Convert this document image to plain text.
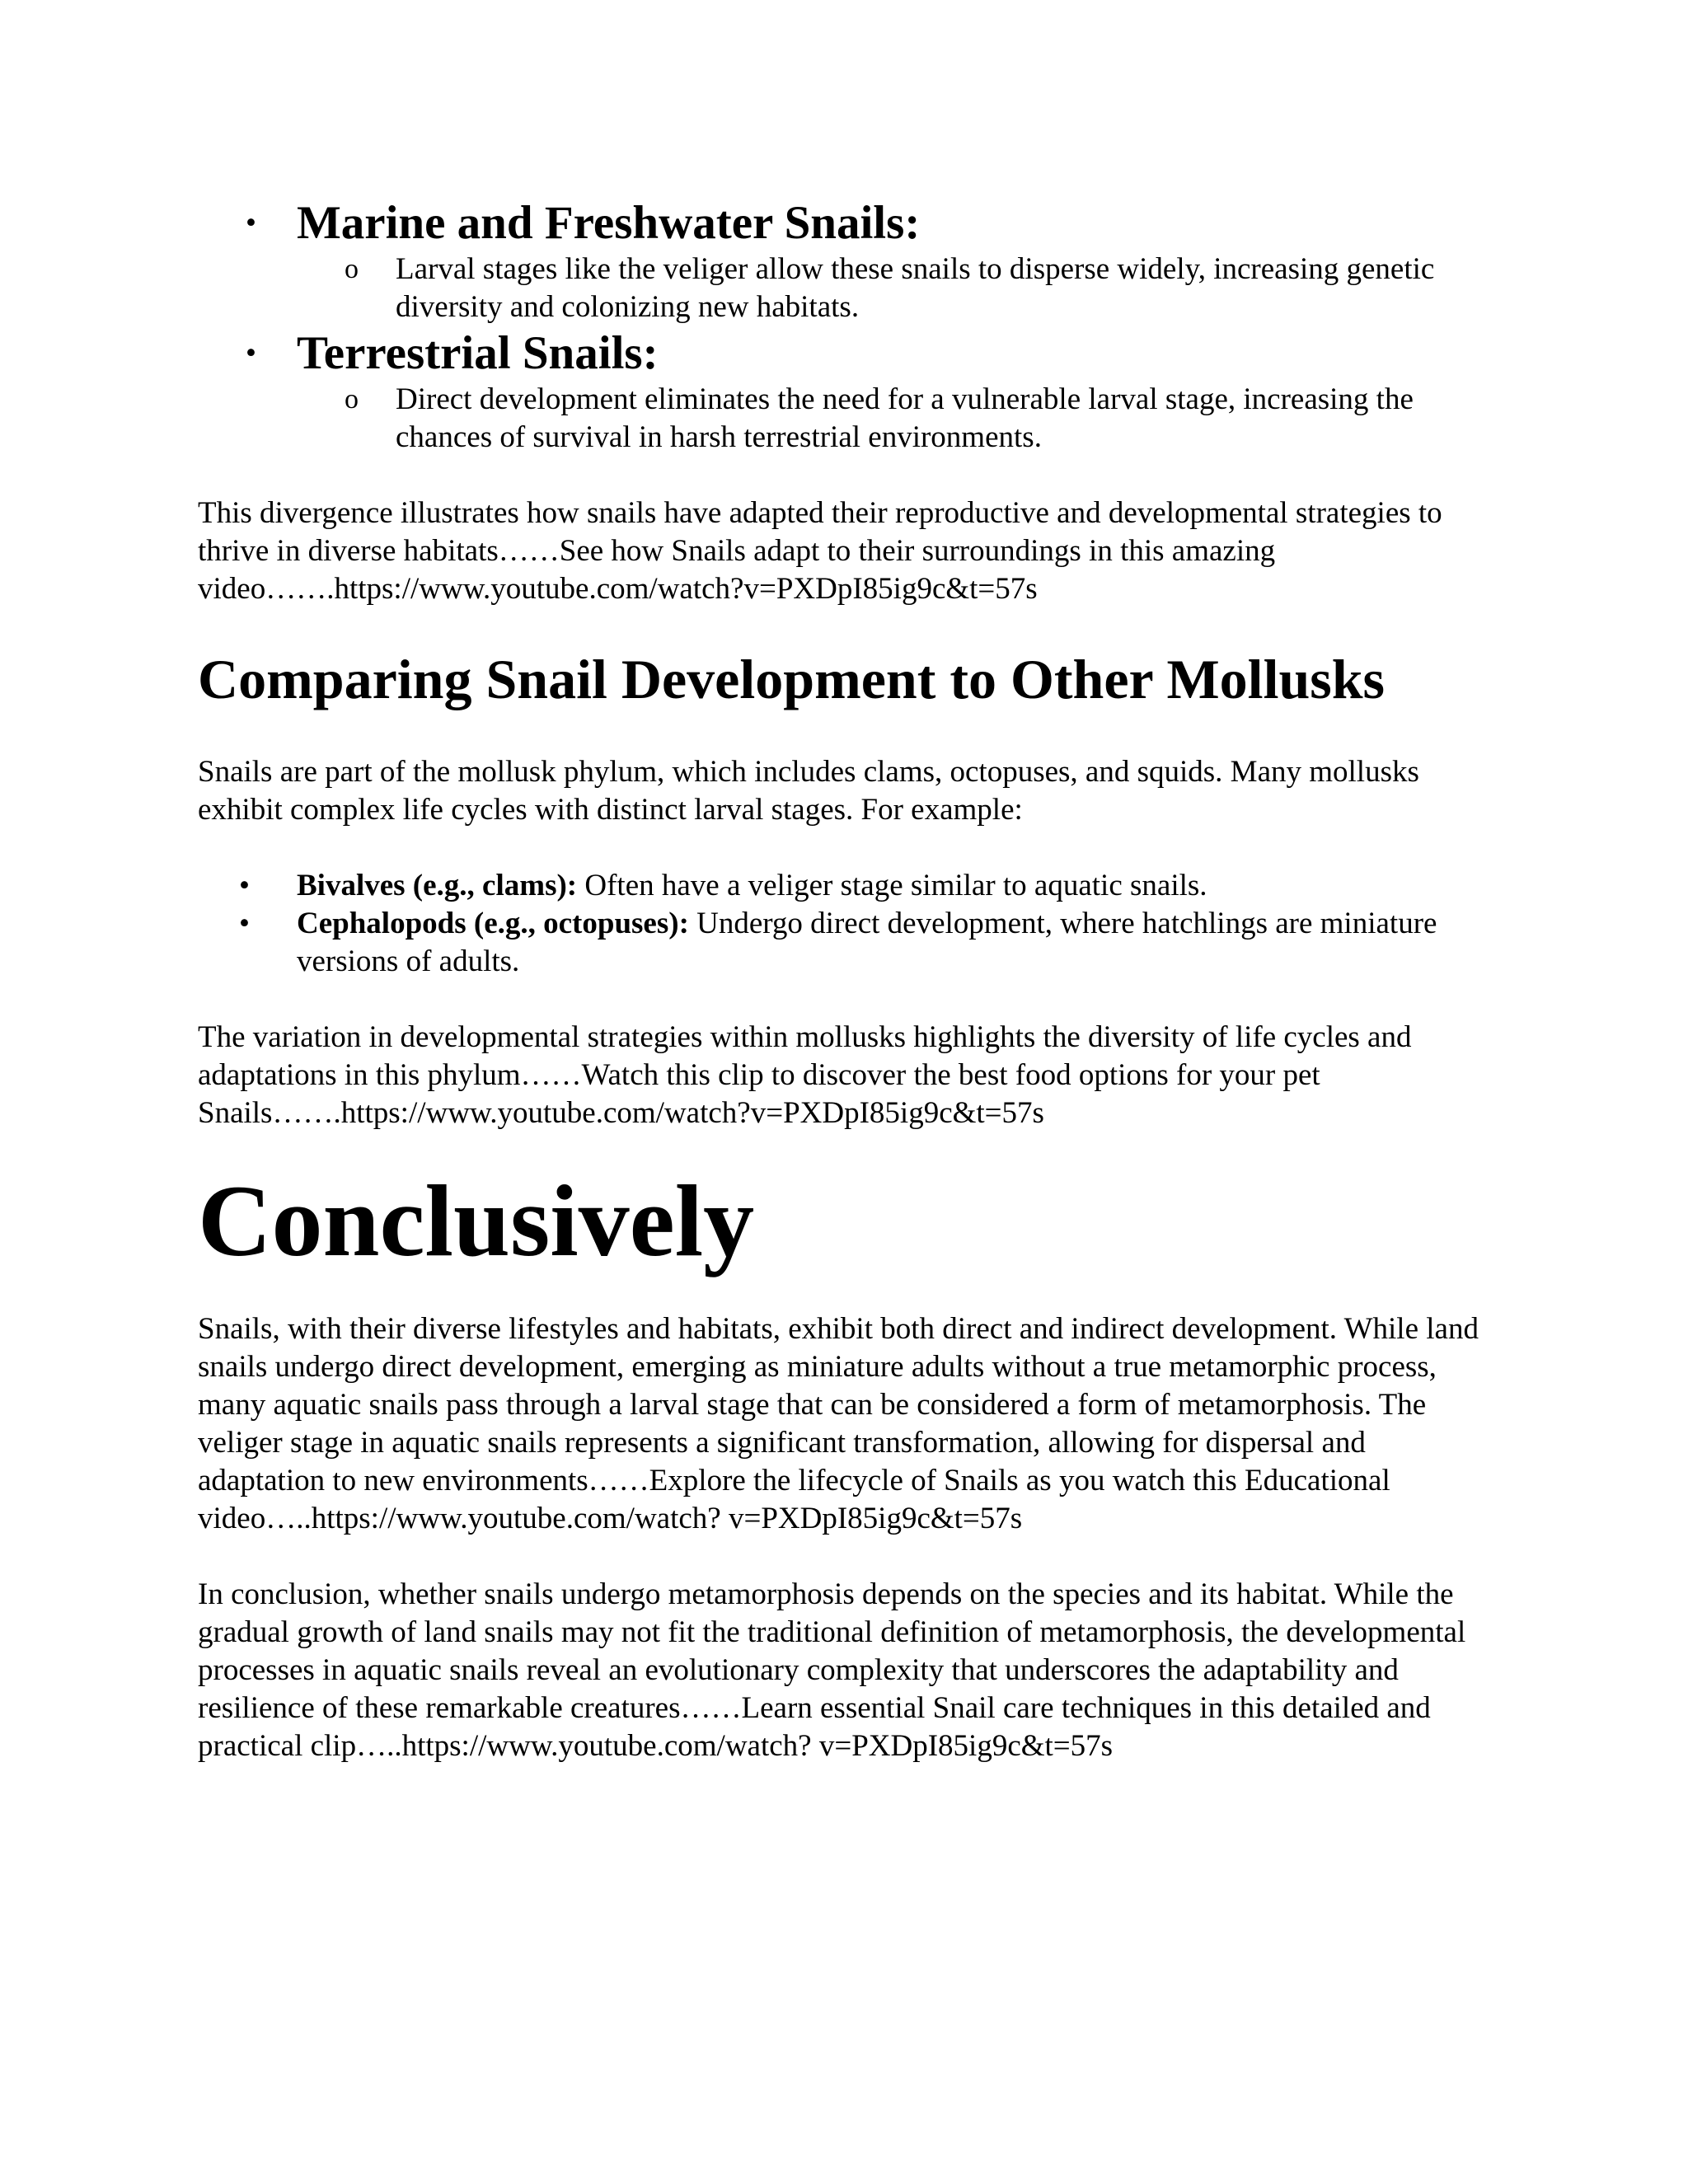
• Marine and Freshwater Snails:
o Larval stages like the veliger allow these snails to disperse widely, increasing genetic diversity and colonizing new habitats.

• Terrestrial Snails:
o Direct development eliminates the need for a vulnerable larval stage, increasing the chances of survival in harsh terrestrial environments.

This divergence illustrates how snails have adapted their reproductive and developmental strategies to thrive in diverse habitats……See how Snails adapt to their surroundings in this amazing video…….https://www.youtube.com/watch?v=PXDpI85ig9c&t=57s

Comparing Snail Development to Other Mollusks

Snails are part of the mollusk phylum, which includes clams, octopuses, and squids. Many mollusks exhibit complex life cycles with distinct larval stages. For example:

• Bivalves (e.g., clams): Often have a veliger stage similar to aquatic snails.

• Cephalopods (e.g., octopuses): Undergo direct development, where hatchlings are miniature versions of adults.

The variation in developmental strategies within mollusks highlights the diversity of life cycles and adaptations in this phylum……Watch this clip to discover the best food options for your pet Snails…….https://www.youtube.com/watch?v=PXDpI85ig9c&t=57s

Conclusively

Snails, with their diverse lifestyles and habitats, exhibit both direct and indirect development. While land snails undergo direct development, emerging as miniature adults without a true metamorphic process, many aquatic snails pass through a larval stage that can be considered a form of metamorphosis. The veliger stage in aquatic snails represents a significant transformation, allowing for dispersal and adaptation to new environments……Explore the lifecycle of Snails as you watch this Educational video…..https://www.youtube.com/watch? v=PXDpI85ig9c&t=57s

In conclusion, whether snails undergo metamorphosis depends on the species and its habitat. While the gradual growth of land snails may not fit the traditional definition of metamorphosis, the developmental processes in aquatic snails reveal an evolutionary complexity that underscores the adaptability and resilience of these remarkable creatures……Learn essential Snail care techniques in this detailed and practical clip…..https://www.youtube.com/watch? v=PXDpI85ig9c&t=57s
